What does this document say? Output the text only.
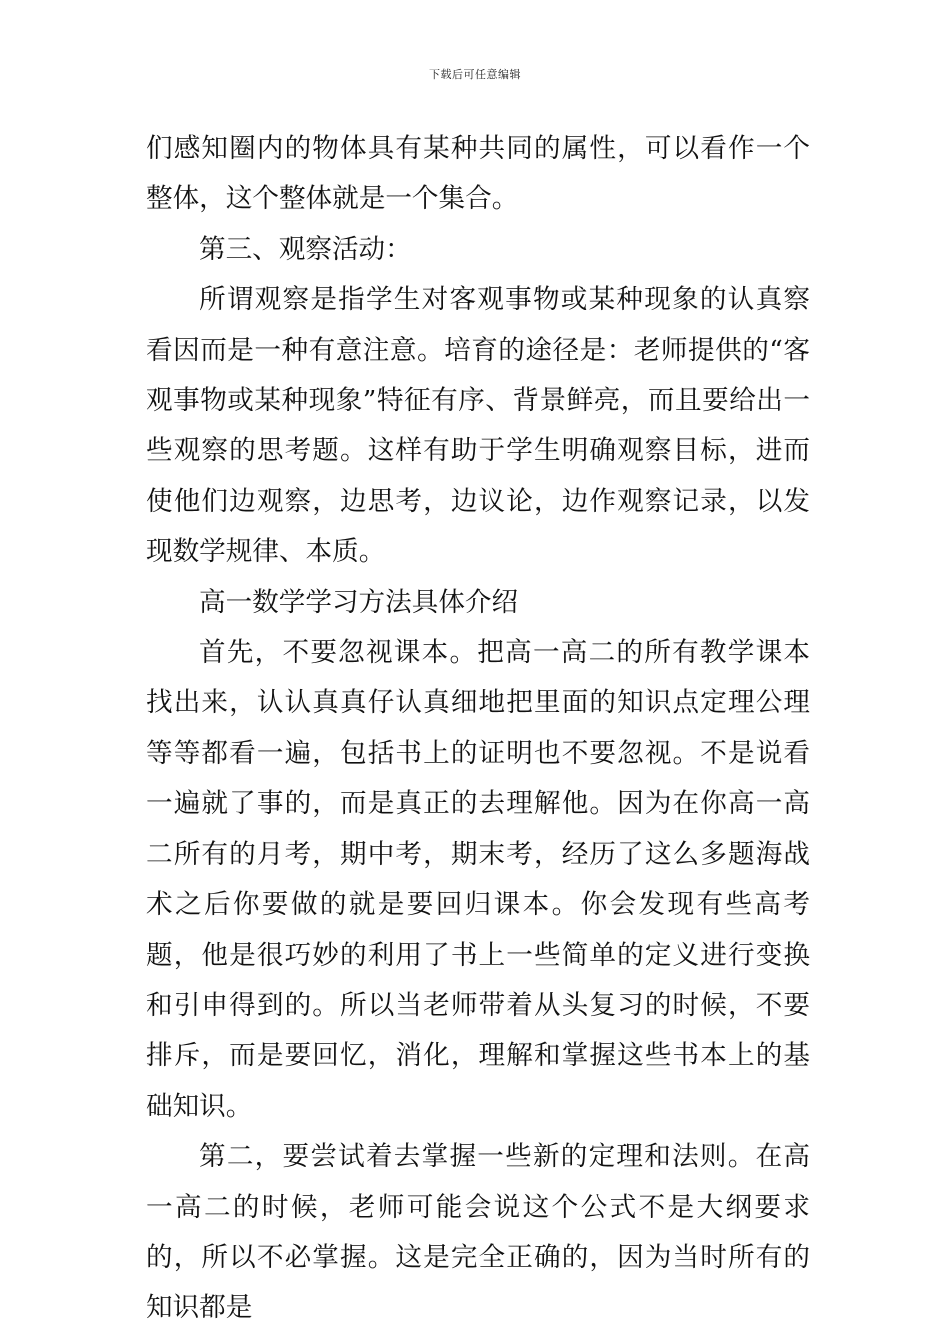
下载后可任意编辑

们感知圈内的物体具有某种共同的属性，可以看作一个整体，这个整体就是一个集合。

第三、观察活动：

所谓观察是指学生对客观事物或某种现象的认真察看因而是一种有意注意。培育的途径是：老师提供的“客观事物或某种现象”特征有序、背景鲜亮，而且要给出一些观察的思考题。这样有助于学生明确观察目标，进而使他们边观察，边思考，边议论，边作观察记录，以发现数学规律、本质。

高一数学学习方法具体介绍

首先，不要忽视课本。把高一高二的所有教学课本找出来，认认真真仔认真细地把里面的知识点定理公理等等都看一遍，包括书上的证明也不要忽视。不是说看一遍就了事的，而是真正的去理解他。因为在你高一高二所有的月考，期中考，期末考，经历了这么多题海战术之后你要做的就是要回归课本。你会发现有些高考题，他是很巧妙的利用了书上一些简单的定义进行变换和引申得到的。所以当老师带着从头复习的时候，不要排斥，而是要回忆，消化，理解和掌握这些书本上的基础知识。

第二，要尝试着去掌握一些新的定理和法则。在高一高二的时候，老师可能会说这个公式不是大纲要求的，所以不必掌握。这是完全正确的，因为当时所有的知识都是
